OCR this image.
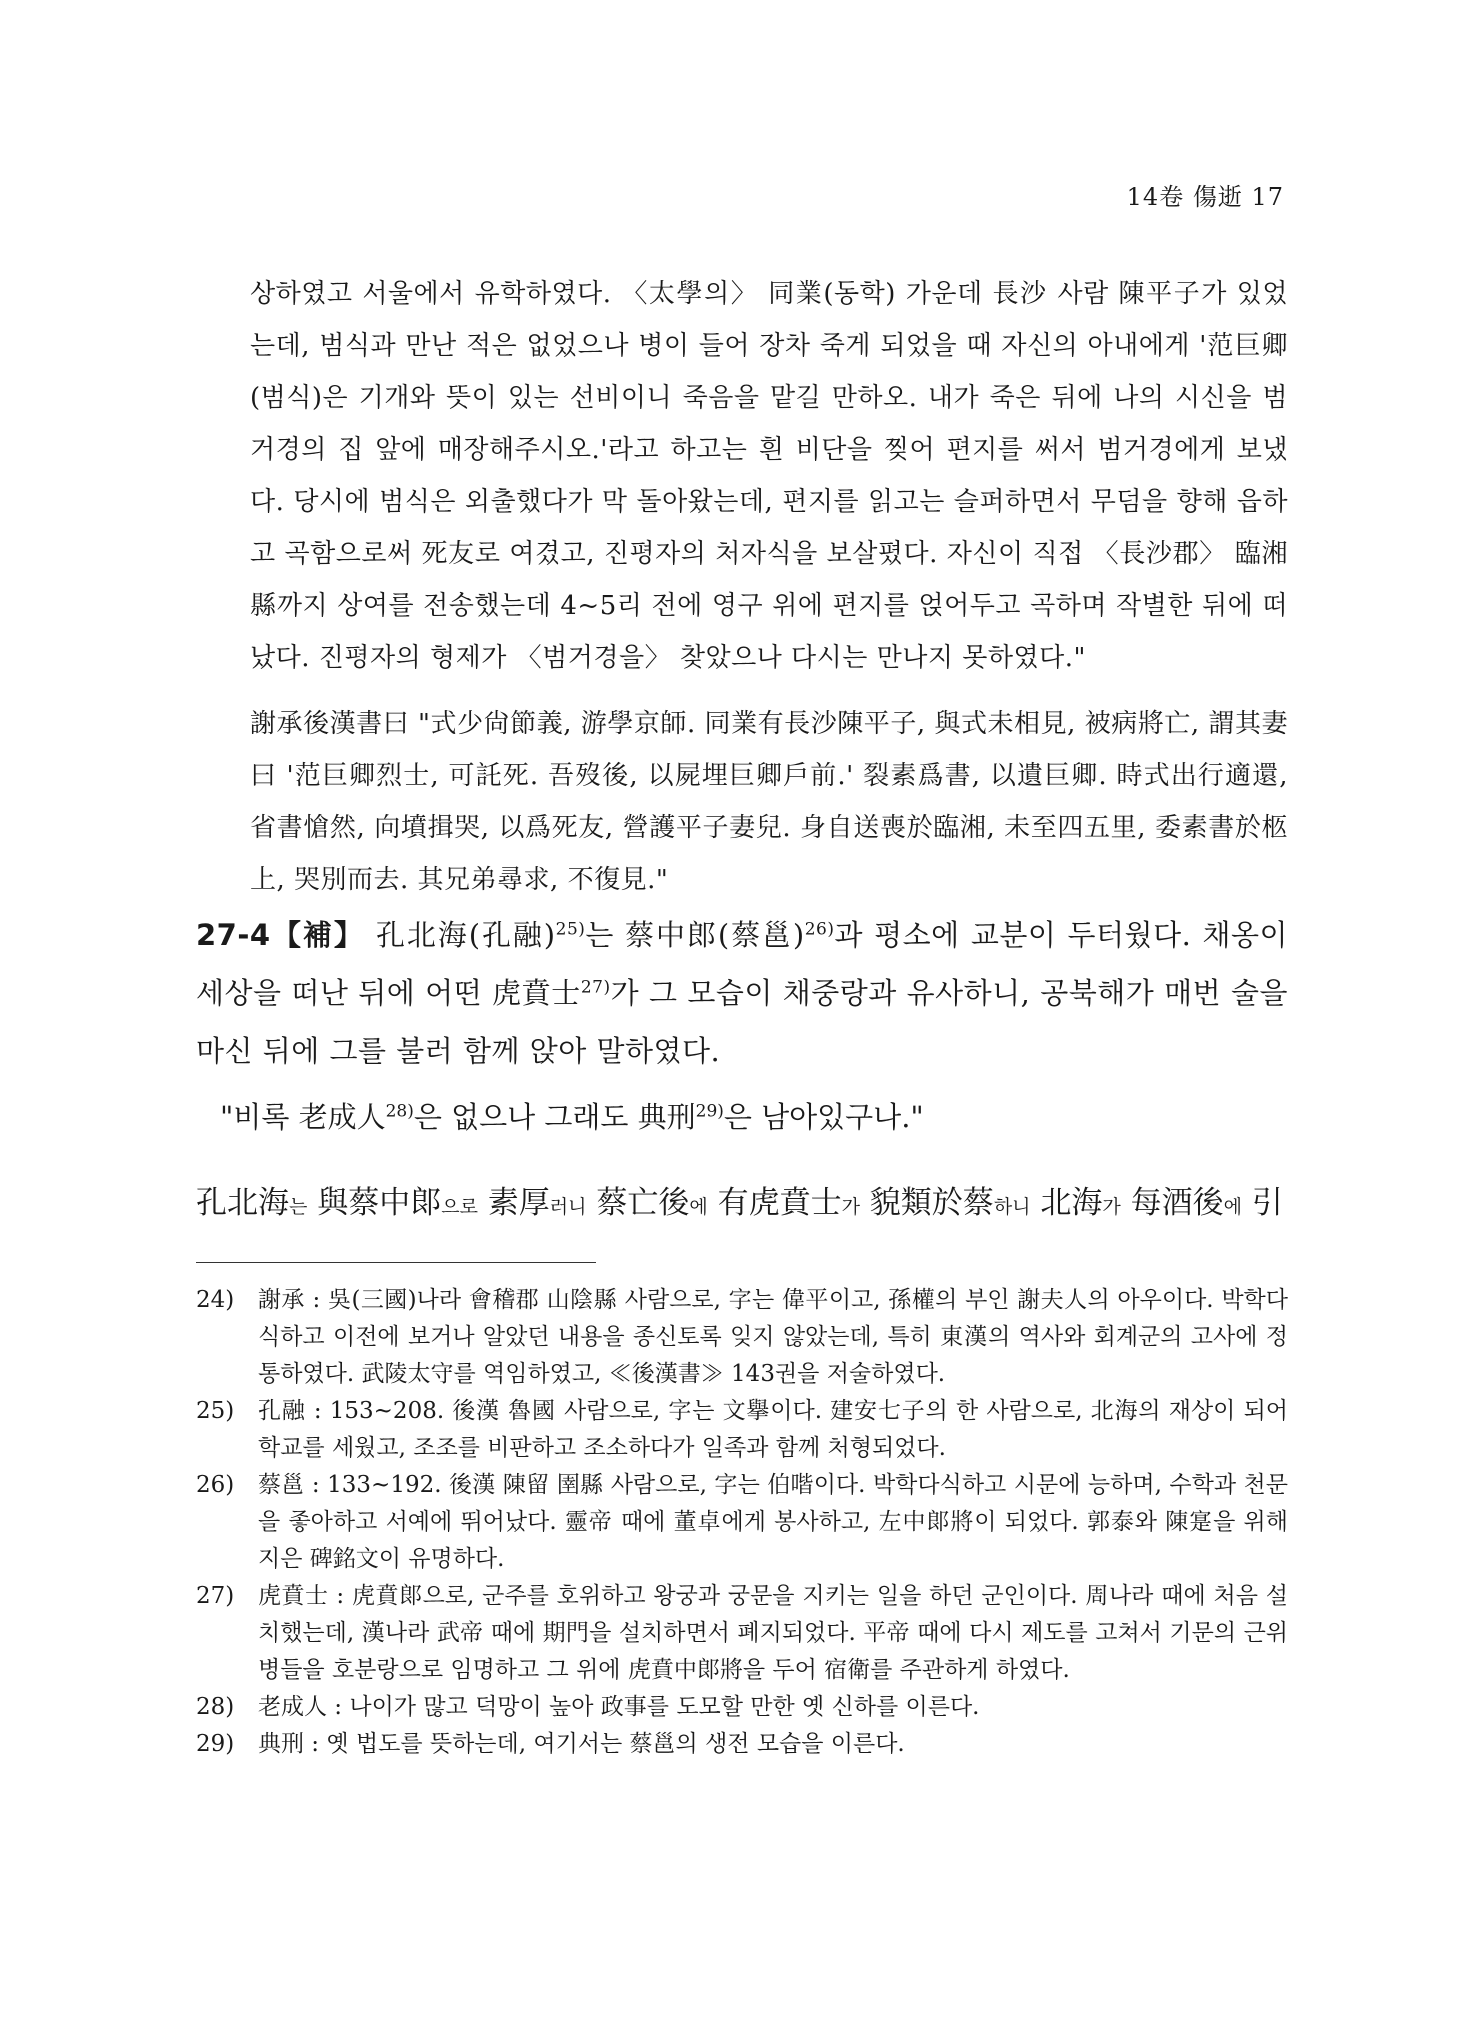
14卷 傷逝 17

상하였고 서울에서 유학하였다. 〈太學의〉 同業(동학) 가운데 長沙 사람 陳平子가 있었는데, 범식과 만난 적은 없었으나 병이 들어 장차 죽게 되었을 때 자신의 아내에게 '范巨卿(범식)은 기개와 뜻이 있는 선비이니 죽음을 맡길 만하오. 내가 죽은 뒤에 나의 시신을 범거경의 집 앞에 매장해주시오.'라고 하고는 흰 비단을 찢어 편지를 써서 범거경에게 보냈다. 당시에 범식은 외출했다가 막 돌아왔는데, 편지를 읽고는 슬퍼하면서 무덤을 향해 읍하고 곡함으로써 死友로 여겼고, 진평자의 처자식을 보살폈다. 자신이 직접 〈長沙郡〉 臨湘縣까지 상여를 전송했는데 4~5리 전에 영구 위에 편지를 얹어두고 곡하며 작별한 뒤에 떠났다. 진평자의 형제가 〈범거경을〉 찾았으나 다시는 만나지 못하였다."

謝承後漢書曰 "式少尙節義, 游學京師. 同業有長沙陳平子, 與式未相見, 被病將亡, 謂其妻曰 '范巨卿烈士, 可託死. 吾歿後, 以屍埋巨卿戶前.' 裂素爲書, 以遺巨卿. 時式出行適還, 省書愴然, 向墳揖哭, 以爲死友, 營護平子妻兒. 身自送喪於臨湘, 未至四五里, 委素書於柩上, 哭別而去. 其兄弟尋求, 不復見."

27-4【補】 孔北海(孔融)$^{25)}$는 蔡中郎(蔡邕)$^{26)}$과 평소에 교분이 두터웠다. 채옹이 세상을 떠난 뒤에 어떤 虎賁士$^{27)}$가 그 모습이 채중랑과 유사하니, 공북해가 매번 술을 마신 뒤에 그를 불러 함께 앉아 말하였다.

"비록 老成人$^{28)}$은 없으나 그래도 典刑$^{29)}$은 남아있구나."

孔北海는 與蔡中郞으로 素厚러니 蔡亡後에 有虎賁士가 貌類於蔡하니 北海가 每酒後에 引

24)	謝承 : 吳(三國)나라 會稽郡 山陰縣 사람으로, 字는 偉平이고, 孫權의 부인 謝夫人의 아우이다. 박학다식하고 이전에 보거나 알았던 내용을 종신토록 잊지 않았는데, 특히 東漢의 역사와 회계군의 고사에 정통하였다. 武陵太守를 역임하였고, ≪後漢書≫ 143권을 저술하였다.
25)	孔融 : 153~208. 後漢 魯國 사람으로, 字는 文擧이다. 建安七子의 한 사람으로, 北海의 재상이 되어 학교를 세웠고, 조조를 비판하고 조소하다가 일족과 함께 처형되었다.
26)	蔡邕 : 133~192. 後漢 陳留 圉縣 사람으로, 字는 伯喈이다. 박학다식하고 시문에 능하며, 수학과 천문을 좋아하고 서예에 뛰어났다. 靈帝 때에 董卓에게 봉사하고, 左中郞將이 되었다. 郭泰와 陳寔을 위해 지은 碑銘文이 유명하다.
27)	虎賁士 : 虎賁郞으로, 군주를 호위하고 왕궁과 궁문을 지키는 일을 하던 군인이다. 周나라 때에 처음 설치했는데, 漢나라 武帝 때에 期門을 설치하면서 폐지되었다. 平帝 때에 다시 제도를 고쳐서 기문의 근위병들을 호분랑으로 임명하고 그 위에 虎賁中郞將을 두어 宿衛를 주관하게 하였다.
28)	老成人 : 나이가 많고 덕망이 높아 政事를 도모할 만한 옛 신하를 이른다.
29)	典刑 : 옛 법도를 뜻하는데, 여기서는 蔡邕의 생전 모습을 이른다.
